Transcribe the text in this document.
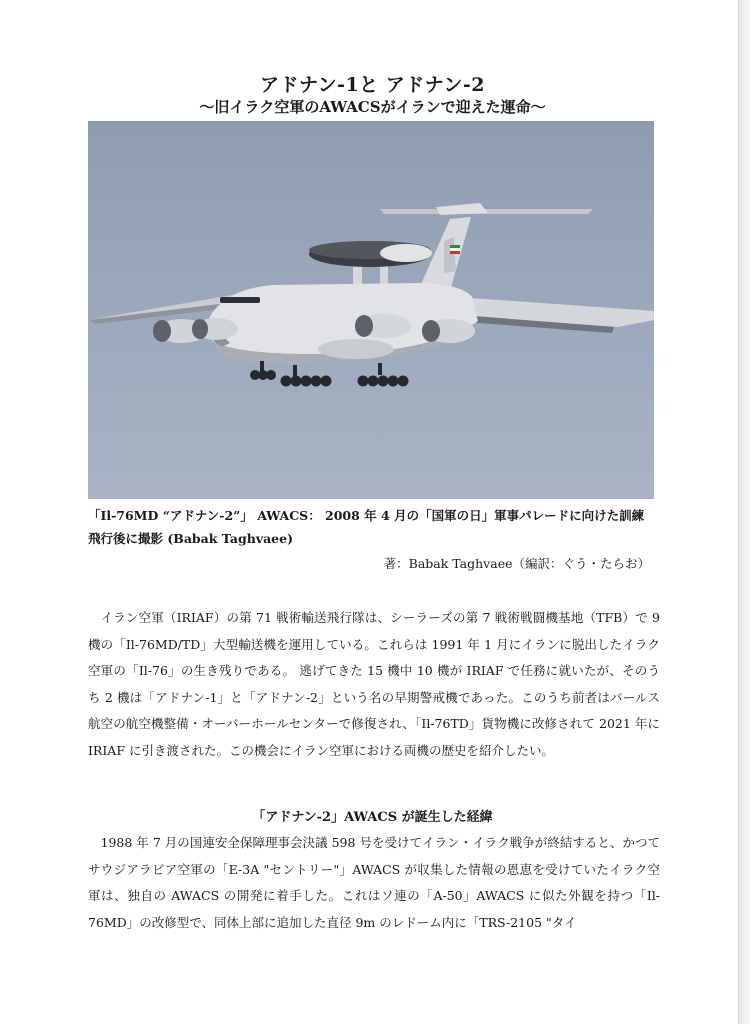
アドナン-1と アドナン-2
～旧イラク空軍のAWACSがイランで迎えた運命～
「Il-76MD “アドナン-2”」 AWACS： 2008 年 4 月の「国軍の日」軍事パレードに向けた訓練飛行後に撮影 (Babak Taghvaee)
著：Babak Taghvaee（編訳：ぐう・たらお）
イラン空軍（IRIAF）の第 71 戦術輸送飛行隊は、シーラーズの第 7 戦術戦闘機基地（TFB）で 9 機の「Il-76MD/TD」大型輸送機を運用している。これらは 1991 年 1 月にイランに脱出したイラク空軍の「Il-76」の生き残りである。 逃げてきた 15 機中 10 機が IRIAF で任務に就いたが、そのうち 2 機は「アドナン-1」と「アドナン-2」という名の早期警戒機であった。このうち前者はパールス航空の航空機整備・オーバーホールセンターで修復され、「Il-76TD」貨物機に改修されて 2021 年に IRIAF に引き渡された。この機会にイラン空軍における両機の歴史を紹介したい。
「アドナン-2」AWACS が誕生した経緯
1988 年 7 月の国連安全保障理事会決議 598 号を受けてイラン・イラク戦争が終結すると、かつてサウジアラビア空軍の「E-3A "セントリー"」AWACS が収集した情報の恩恵を受けていたイラク空軍は、独自の AWACS の開発に着手した。これはソ連の「A-50」AWACS に似た外観を持つ「Il-76MD」の改修型で、同体上部に追加した直径 9m のレドーム内に「TRS-2105 "タイ
